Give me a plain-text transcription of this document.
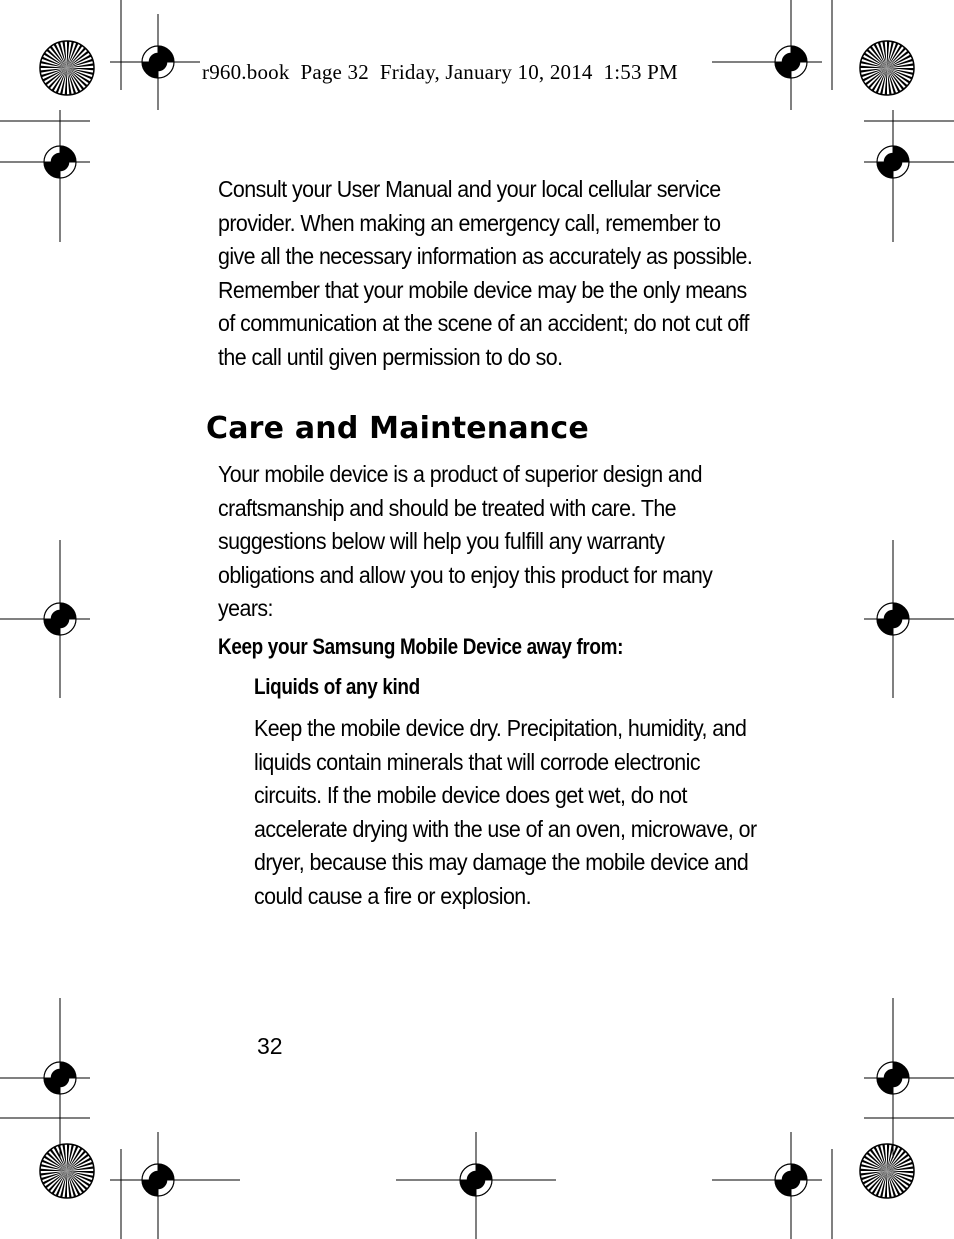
r960.book  Page 32  Friday, January 10, 2014  1:53 PM

Consult your User Manual and your local cellular service provider. When making an emergency call, remember to give all the necessary information as accurately as possible. Remember that your mobile device may be the only means of communication at the scene of an accident; do not cut off the call until given permission to do so.

Care and Maintenance

Your mobile device is a product of superior design and craftsmanship and should be treated with care. The suggestions below will help you fulfill any warranty obligations and allow you to enjoy this product for many years:

Keep your Samsung Mobile Device away from:
Liquids of any kind

Keep the mobile device dry. Precipitation, humidity, and liquids contain minerals that will corrode electronic circuits. If the mobile device does get wet, do not accelerate drying with the use of an oven, microwave, or dryer, because this may damage the mobile device and could cause a fire or explosion.

32
